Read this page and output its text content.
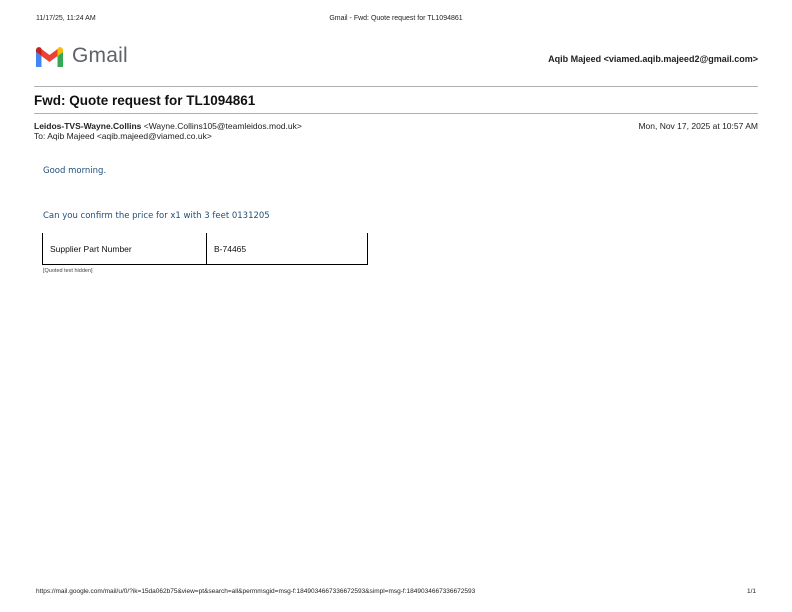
11/17/25, 11:24 AM	Gmail - Fwd: Quote request for TL1094861
Gmail	Aqib Majeed <viamed.aqib.majeed2@gmail.com>
Fwd: Quote request for TL1094861
Leidos-TVS-Wayne.Collins <Wayne.Collins105@teamleidos.mod.uk>
To: Aqib Majeed <aqib.majeed@viamed.co.uk>
Mon, Nov 17, 2025 at 10:57 AM
Good morning.
Can you confirm the price for x1 with 3 feet 0131205
Supplier Part Number	B-74465
[Quoted text hidden]
https://mail.google.com/mail/u/0/?ik=15da062b75&view=pt&search=all&permmsgid=msg-f:1849034667336672593&simpl=msg-f:1849034667336672593	1/1
